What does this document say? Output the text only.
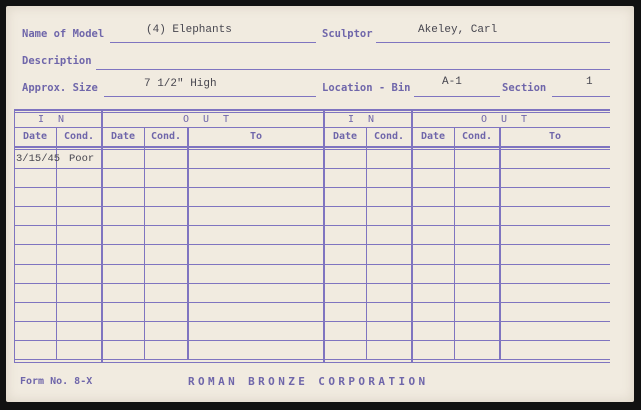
Name of Model	(4) Elephants	Sculptor	Akeley, Carl
Description
Approx. Size	7 1/2" High	Location - Bin	A-1	Section	1
IN	OUT	IN	OUT
Date	Cond.	Date	Cond.	To	Date	Cond.	Date	Cond.	To
3/15/45 Poor
Form No. 8-X	ROMAN BRONZE CORPORATION
